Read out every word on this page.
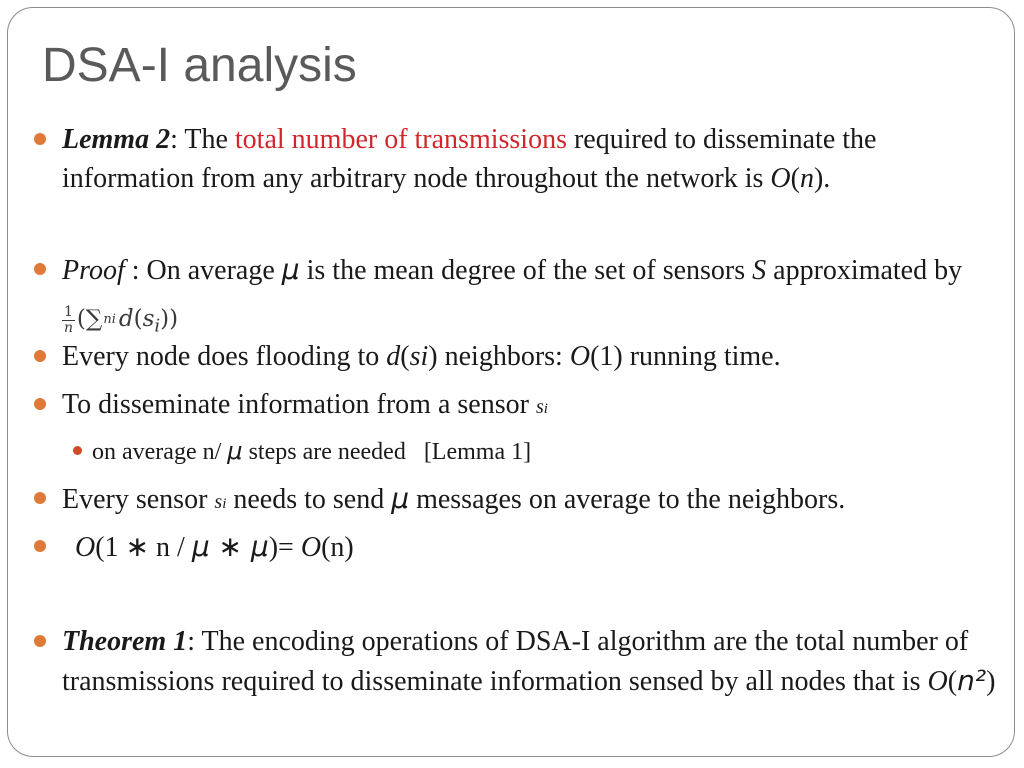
DSA-I analysis
Lemma 2: The total number of transmissions required to disseminate the information from any arbitrary node throughout the network is O(n).
Proof : On average μ is the mean degree of the set of sensors S approximated by
$\frac{1}{n} (\sum ni$ $d(s_i)$)
Every node does flooding to d(si) neighbors: O(1) running time.
To disseminate information from a sensor si
on average n/ μ steps are needed   [Lemma 1]
Every sensor si needs to send μ messages on average to the neighbors.
O(1 ∗ n / μ ∗ μ)= O(n)
Theorem 1: The encoding operations of DSA-I algorithm are the total number of transmissions required to disseminate information sensed by all nodes that is O(n²)
